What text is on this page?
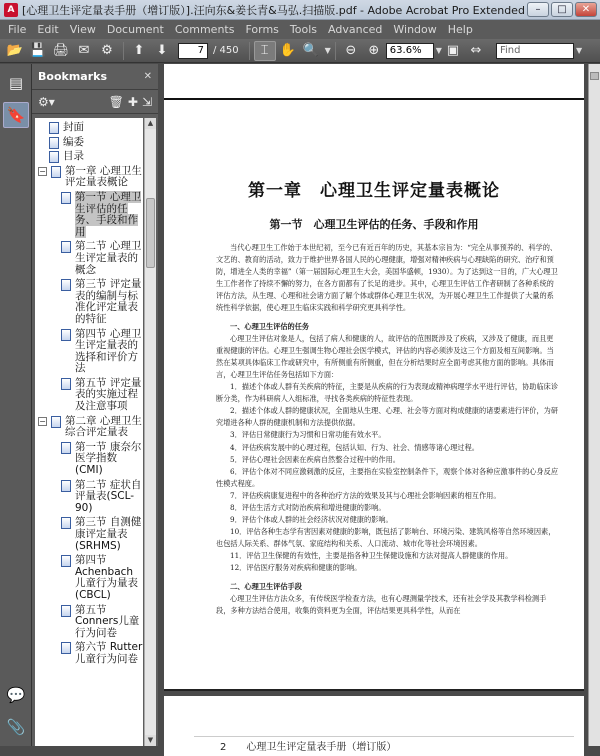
A [心理卫生评定量表手册（增订版）].汪向东&姜长青&马弘.扫描版.pdf - Adobe Acrobat Pro Extended	–	□	✕
File Edit View Document Comments Forms Tools Advanced Window Help
📂 💾 🖨 ✉ ⚙	⬆ ⬇	7 / 450	⌶ ✋ 🔍 ▼	⊖ ⊕	63.6%	▼ ▣ ⇔	Find	▼
▤
🔖
💬
📎
Bookmarks	✕
⚙▾	🗑 ✚ ⇲
封面
编委
目录
− 第一章 心理卫生评定量表概论
第一节 心理卫生评估的任务、手段和作用
第二节 心理卫生评定量表的概念
第三节 评定量表的编制与标准化评定量表的特征
第四节 心理卫生评定量表的选择和评价方法
第五节 评定量表的实施过程及注意事项
− 第二章 心理卫生综合评定量表
第一节 康奈尔医学指数(CMI)
第二节 症状自评量表(SCL-90)
第三节 自测健康评定量表(SRHMS)
第四节 Achenbach儿童行为量表(CBCL)
第五节 Conners儿童行为问卷
第六节 Rutter儿童行为问卷
▲
▼
第一章　心理卫生评定量表概论
第一节　心理卫生评估的任务、手段和作用

当代心理卫生工作始于本世纪初，至今已有近百年的历史，其基本宗旨为：“完全从事预养的、科学的、文艺的、教育的活动，致力于维护世界各国人民的心理健康，增强对精神疾病与心理缺陷的研究、治疗和预防，增进全人类的幸福”（第一届国际心理卫生大会，美国华盛顿，1930）。为了达到这一目的，广大心理卫生工作者作了持续不懈的努力，在各方面都有了长足的进步。其中，心理卫生评估工作者研制了各种系统的评估方法，从生理、心理和社会诸方面了解个体或群体心理卫生状况，为开展心理卫生工作提供了大量的系统性科学依据，使心理卫生临床实践和科学研究更具科学性。

一、心理卫生评估的任务

心理卫生评估对象是人，包括了病人和健康的人，故评估的范围既涉及了疾病，又涉及了健康，而且更重视健康的评估。心理卫生强调生物心理社会医学模式，评估的内容必须涉及这三个方面及相互间影响。当然在某项具体临床工作或研究中，有所侧重有所侧重，但在分析结果时应全面考虑其他方面的影响。具体而言，心理卫生评估任务包括如下方面：

1．描述个体或人群有关疾病的特征，主要是从疾病的行为表现或精神病理学水平进行评估，协助临床诊断分类，作为科研病人入组标准，寻找各类疾病的特征性表现。

2．描述个体或人群的健康状况，全面地从生理、心理、社会等方面对构成健康的诸要素进行评价，为研究增进各种人群的健康机制和方法提供依据。

3．评估日常健康行为习惯和日常功能有效水平。

4．评估疾病发展中的心理过程，包括认知、行为、社会、情感等诸心理过程。

5．评估心理社会因素在疾病自然整合过程中的作用。

6．评估个体对不同应激刺激的反应，主要指在实验室控制条件下，观察个体对各种应激事件的心身反应性模式程度。

7．评估疾病康复进程中的各种治疗方法的效果及其与心理社会影响因素的相互作用。

8．评估生活方式对防治疾病和增进健康的影响。

9．评估个体或人群的社会经济状况对健康的影响。

10．评估各种生态学有害因素对健康的影响，既包括了影响台、环境污染、建筑风格等自然环境因素，也包括人际关系、群体气氛、家庭结构和关系、人口流动、城市化等社会环境因素。

11．评估卫生保健的有效性，主要是指各种卫生保健设施和方法对提高人群健康的作用。

12．评估医疗服务对疾病和健康的影响。

二、心理卫生评估手段

心理卫生评估方法众多，有传统医学检查方法，也有心理测量学技术，还有社会学及其教学科检测手段，多种方法结合使用，收集的资料更为全面，评估结果更具科学性，从而在

2　　心理卫生评定量表手册（增订版）
